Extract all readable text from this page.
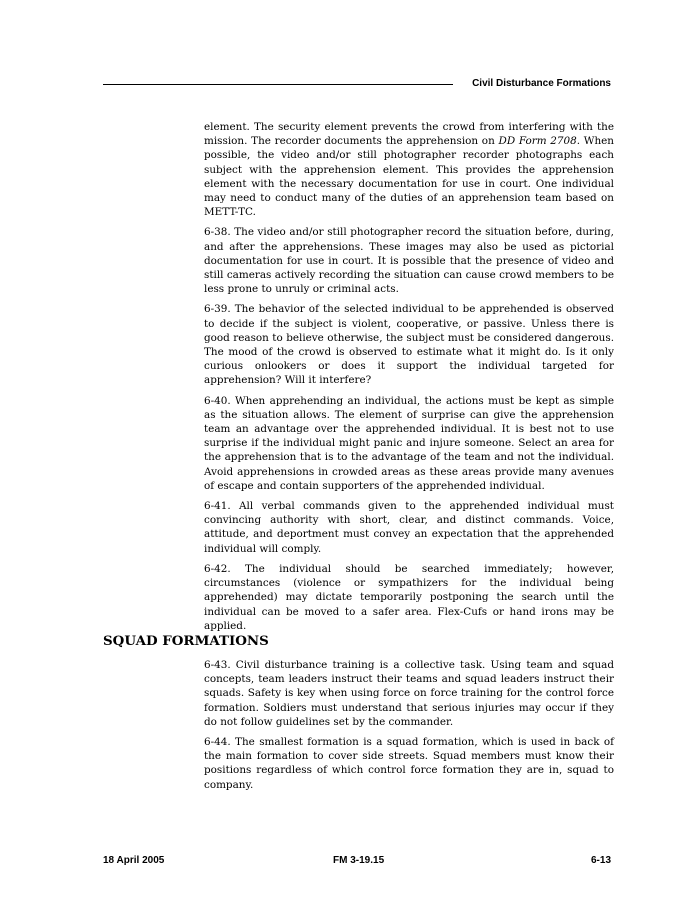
Civil Disturbance Formations

element. The security element prevents the crowd from interfering with the mission. The recorder documents the apprehension on DD Form 2708. When possible, the video and/or still photographer recorder photographs each subject with the apprehension element. This provides the apprehension element with the necessary documentation for use in court. One individual may need to conduct many of the duties of an apprehension team based on METT-TC.

6-38. The video and/or still photographer record the situation before, during, and after the apprehensions. These images may also be used as pictorial documentation for use in court. It is possible that the presence of video and still cameras actively recording the situation can cause crowd members to be less prone to unruly or criminal acts.

6-39. The behavior of the selected individual to be apprehended is observed to decide if the subject is violent, cooperative, or passive. Unless there is good reason to believe otherwise, the subject must be considered dangerous. The mood of the crowd is observed to estimate what it might do. Is it only curious onlookers or does it support the individual targeted for apprehension? Will it interfere?

6-40. When apprehending an individual, the actions must be kept as simple as the situation allows. The element of surprise can give the apprehension team an advantage over the apprehended individual. It is best not to use surprise if the individual might panic and injure someone. Select an area for the apprehension that is to the advantage of the team and not the individual. Avoid apprehensions in crowded areas as these areas provide many avenues of escape and contain supporters of the apprehended individual.

6-41. All verbal commands given to the apprehended individual must convincing authority with short, clear, and distinct commands. Voice, attitude, and deportment must convey an expectation that the apprehended individual will comply.

6-42. The individual should be searched immediately; however, circumstances (violence or sympathizers for the individual being apprehended) may dictate temporarily postponing the search until the individual can be moved to a safer area. Flex-Cufs or hand irons may be applied.

SQUAD FORMATIONS

6-43. Civil disturbance training is a collective task. Using team and squad concepts, team leaders instruct their teams and squad leaders instruct their squads. Safety is key when using force on force training for the control force formation. Soldiers must understand that serious injuries may occur if they do not follow guidelines set by the commander.

6-44. The smallest formation is a squad formation, which is used in back of the main formation to cover side streets. Squad members must know their positions regardless of which control force formation they are in, squad to company.

18 April 2005	FM 3-19.15	6-13
